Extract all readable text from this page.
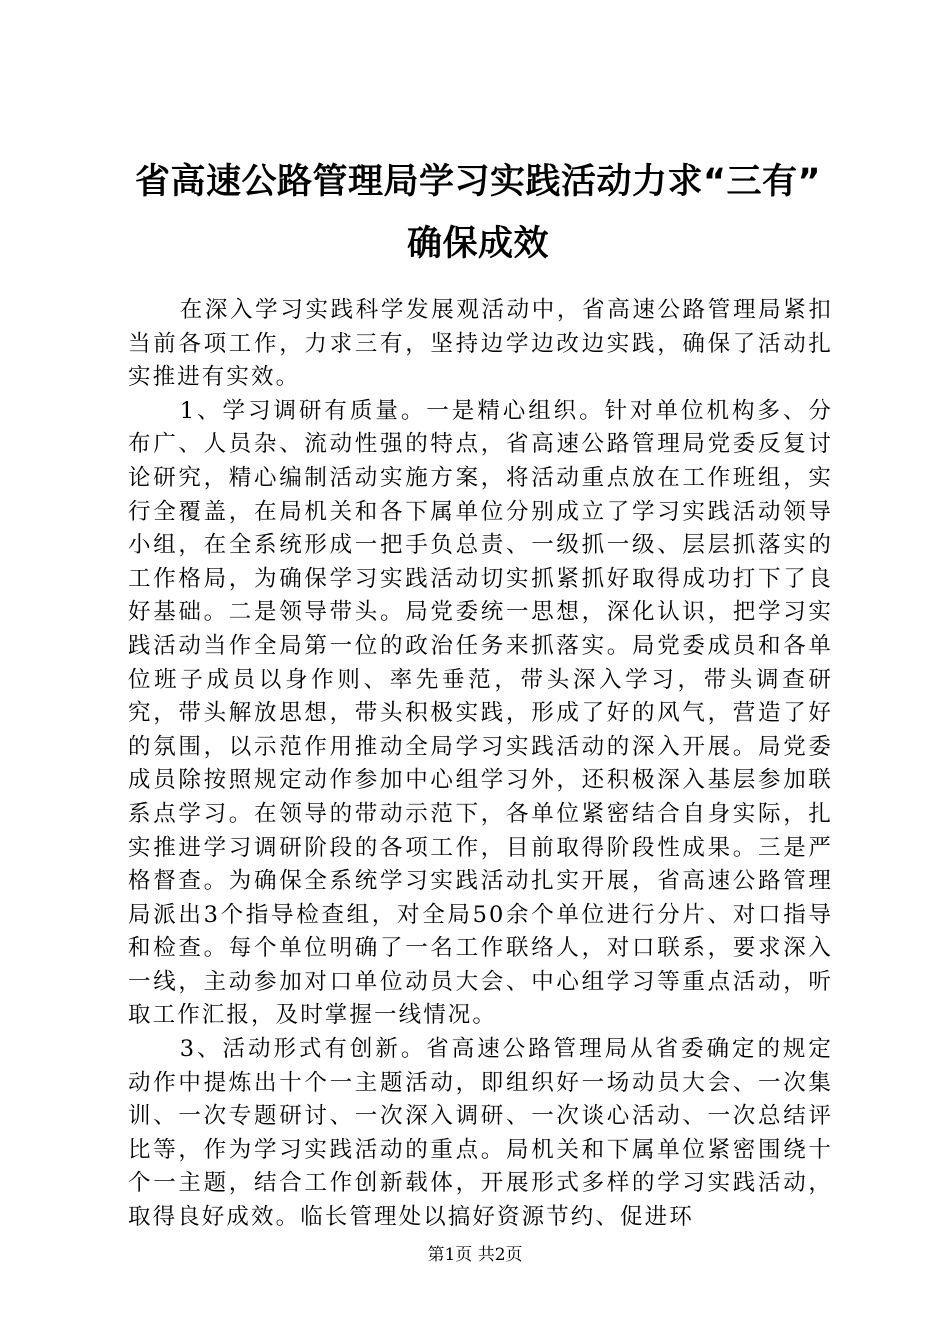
省高速公路管理局学习实践活动力求“三有”
确保成效

在深入学习实践科学发展观活动中，省高速公路管理局紧扣当前各项工作，力求三有，坚持边学边改边实践，确保了活动扎实推进有实效。

1、学习调研有质量。一是精心组织。针对单位机构多、分布广、人员杂、流动性强的特点，省高速公路管理局党委反复讨论研究，精心编制活动实施方案，将活动重点放在工作班组，实行全覆盖，在局机关和各下属单位分别成立了学习实践活动领导小组，在全系统形成一把手负总责、一级抓一级、层层抓落实的工作格局，为确保学习实践活动切实抓紧抓好取得成功打下了良好基础。二是领导带头。局党委统一思想，深化认识，把学习实践活动当作全局第一位的政治任务来抓落实。局党委成员和各单位班子成员以身作则、率先垂范，带头深入学习，带头调查研究，带头解放思想，带头积极实践，形成了好的风气，营造了好的氛围，以示范作用推动全局学习实践活动的深入开展。局党委成员除按照规定动作参加中心组学习外，还积极深入基层参加联系点学习。在领导的带动示范下，各单位紧密结合自身实际，扎实推进学习调研阶段的各项工作，目前取得阶段性成果。三是严格督查。为确保全系统学习实践活动扎实开展，省高速公路管理局派出3个指导检查组，对全局50余个单位进行分片、对口指导和检查。每个单位明确了一名工作联络人，对口联系，要求深入一线，主动参加对口单位动员大会、中心组学习等重点活动，听取工作汇报，及时掌握一线情况。

3、活动形式有创新。省高速公路管理局从省委确定的规定动作中提炼出十个一主题活动，即组织好一场动员大会、一次集训、一次专题研讨、一次深入调研、一次谈心活动、一次总结评比等，作为学习实践活动的重点。局机关和下属单位紧密围绕十个一主题，结合工作创新载体，开展形式多样的学习实践活动，取得良好成效。临长管理处以搞好资源节约、促进环

第1页 共2页
